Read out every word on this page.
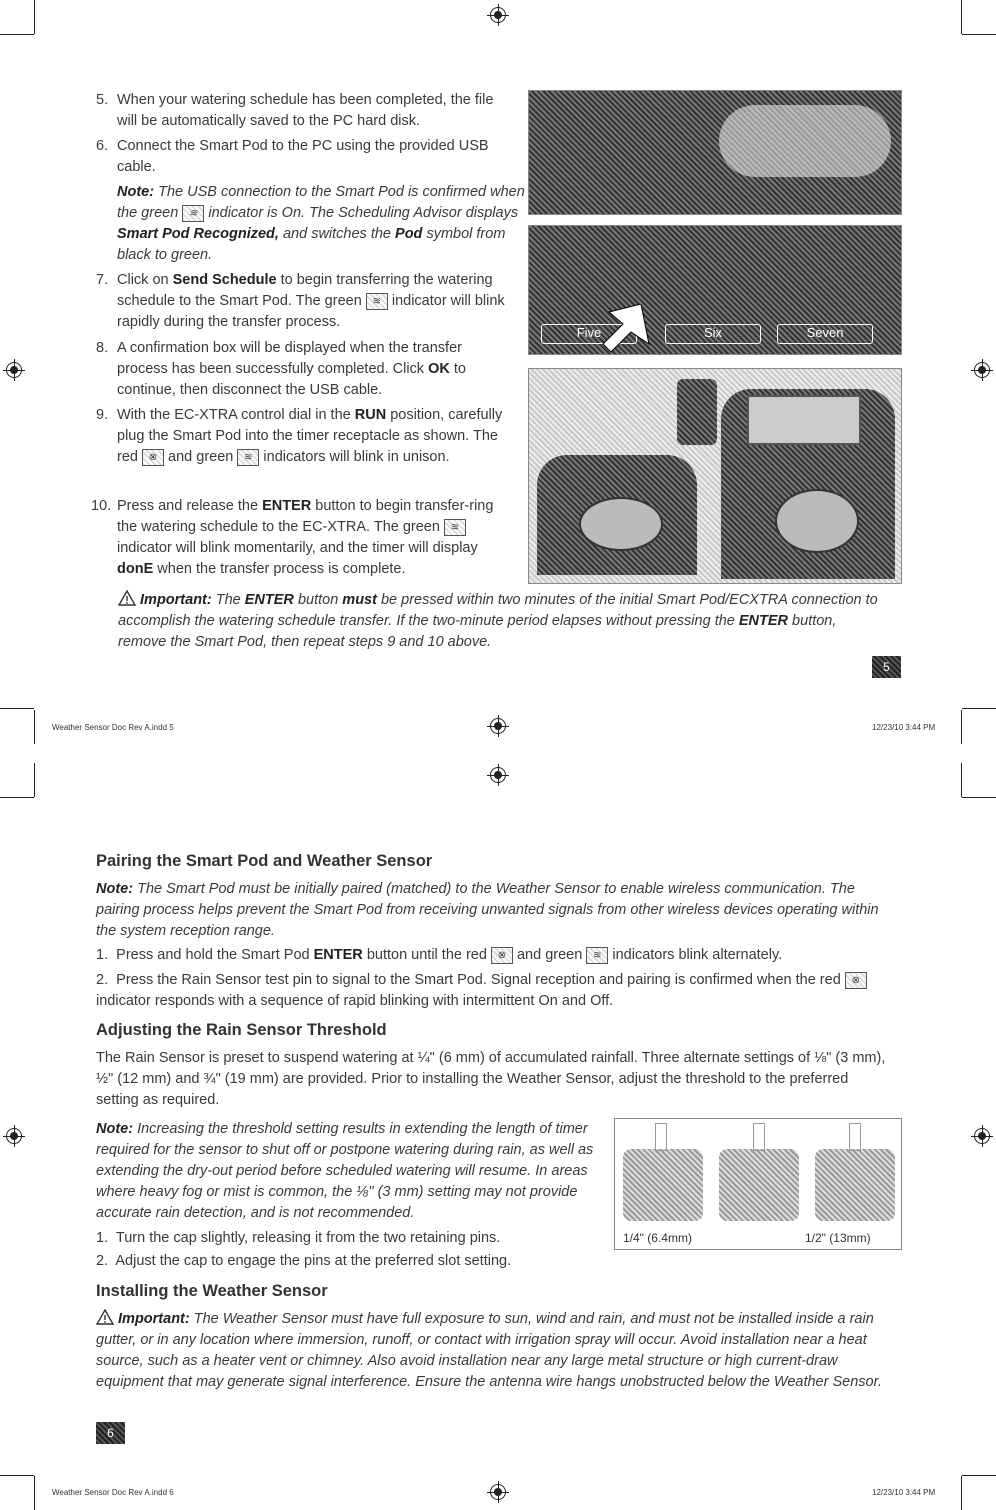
5. When your watering schedule has been completed, the file will be automatically saved to the PC hard disk.
6. Connect the Smart Pod to the PC using the provided USB cable.
Note: The USB connection to the Smart Pod is confirmed when the green ≋ indicator is On. The Scheduling Advisor displays Smart Pod Recognized, and switches the Pod symbol from black to green.
7. Click on Send Schedule to begin transferring the watering schedule to the Smart Pod. The green ≋ indicator will blink rapidly during the transfer process.
8. A confirmation box will be displayed when the transfer process has been successfully completed. Click OK to continue, then disconnect the USB cable.
9. With the EC-XTRA control dial in the RUN position, carefully plug the Smart Pod into the timer receptacle as shown. The red ⊗ and green ≋ indicators will blink in unison.
10. Press and release the ENTER button to begin transfer-ring the watering schedule to the EC-XTRA. The green ≋ indicator will blink momentarily, and the timer will display donE when the transfer process is complete.
Five	Six	Seven
Important: The ENTER button must be pressed within two minutes of the initial Smart Pod/ECXTRA connection to accomplish the watering schedule transfer. If the two-minute period elapses without pressing the ENTER button, remove the Smart Pod, then repeat steps 9 and 10 above.
5
Weather Sensor Doc Rev A.indd 5	12/23/10 3:44 PM
Pairing the Smart Pod and Weather Sensor
Note: The Smart Pod must be initially paired (matched) to the Weather Sensor to enable wireless communication. The pairing process helps prevent the Smart Pod from receiving unwanted signals from other wireless devices operating within the system reception range.
1. Press and hold the Smart Pod ENTER button until the red ⊗ and green ≋ indicators blink alternately.
2. Press the Rain Sensor test pin to signal to the Smart Pod. Signal reception and pairing is confirmed when the red ⊗ indicator responds with a sequence of rapid blinking with intermittent On and Off.
Adjusting the Rain Sensor Threshold
The Rain Sensor is preset to suspend watering at ¼" (6 mm) of accumulated rainfall. Three alternate settings of ⅛" (3 mm), ½" (12 mm) and ¾" (19 mm) are provided. Prior to installing the Weather Sensor, adjust the threshold to the preferred setting as required.
Note: Increasing the threshold setting results in extending the length of timer required for the sensor to shut off or postpone watering during rain, as well as extending the dry-out period before scheduled watering will resume. In areas where heavy fog or mist is common, the ⅛" (3 mm) setting may not provide accurate rain detection, and is not recommended.
1. Turn the cap slightly, releasing it from the two retaining pins.
2. Adjust the cap to engage the pins at the preferred slot setting.
1/4" (6.4mm)	1/2" (13mm)
Installing the Weather Sensor
Important: The Weather Sensor must have full exposure to sun, wind and rain, and must not be installed inside a rain gutter, or in any location where immersion, runoff, or contact with irrigation spray will occur. Avoid installation near a heat source, such as a heater vent or chimney. Also avoid installation near any large metal structure or high current-draw equipment that may generate signal interference. Ensure the antenna wire hangs unobstructed below the Weather Sensor.
6
Weather Sensor Doc Rev A.indd 6	12/23/10 3:44 PM
